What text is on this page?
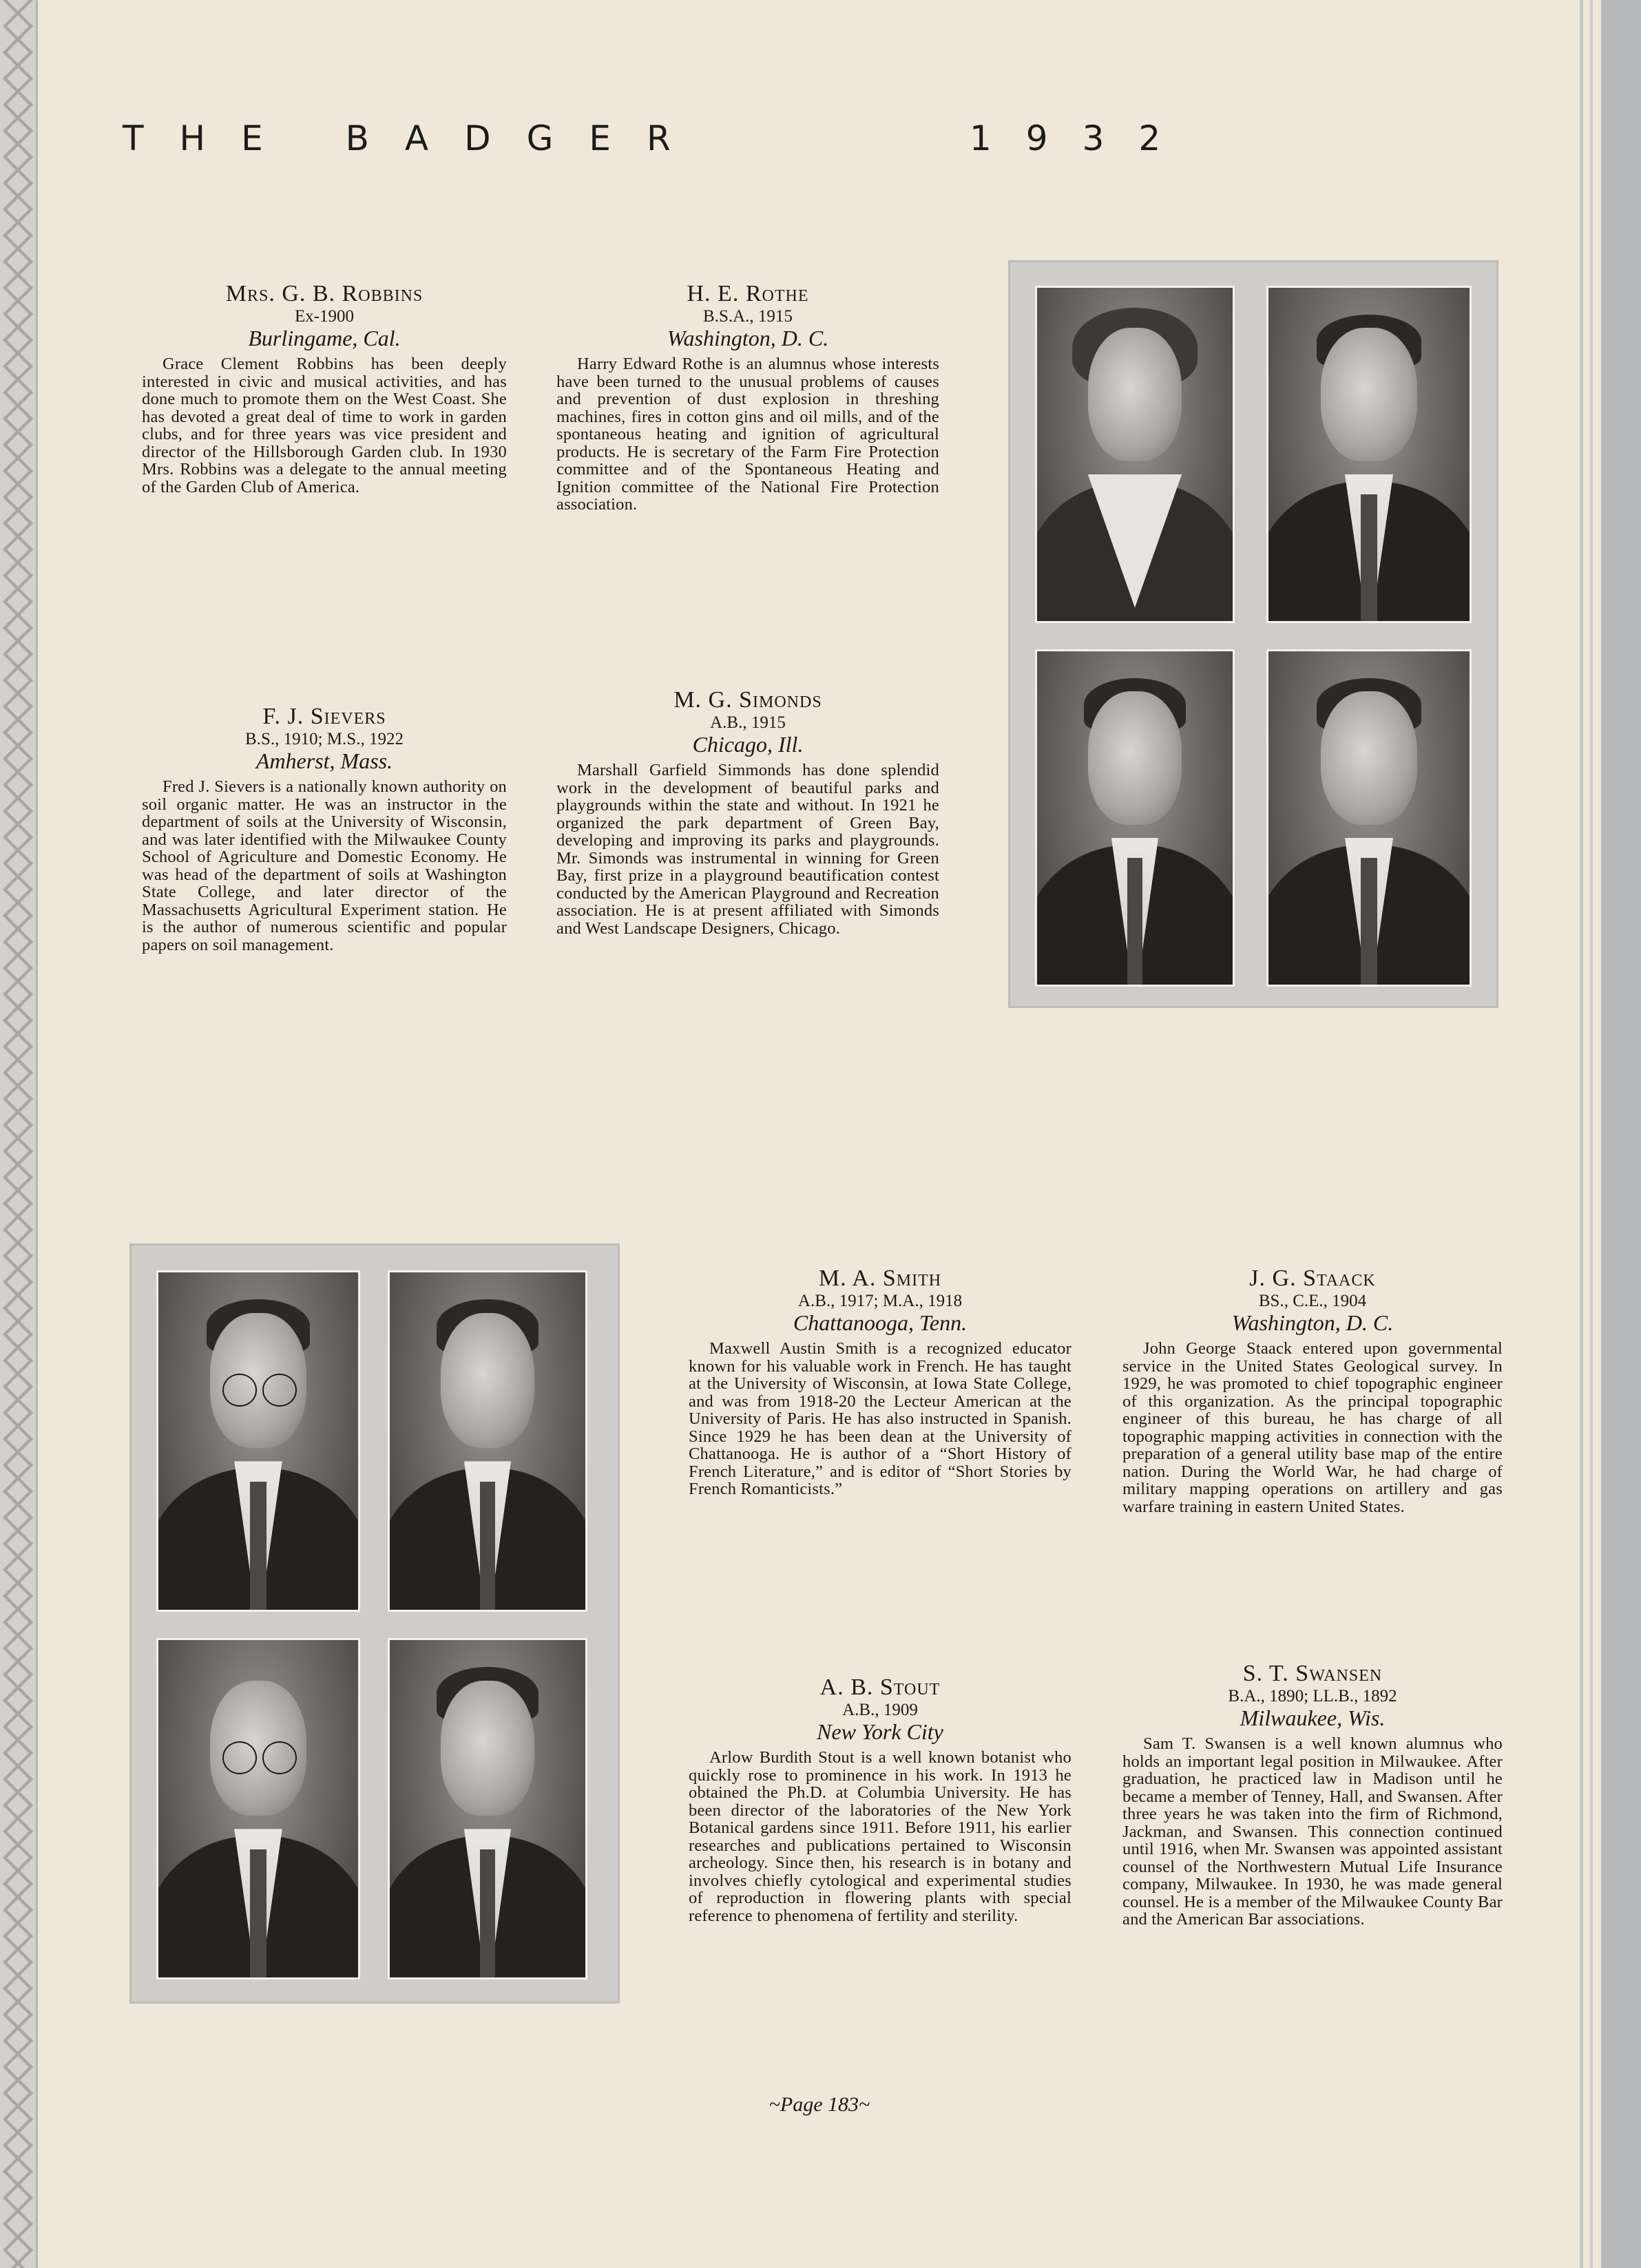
THE BADGER	1932
Mrs. G. B. Robbins
Ex-1900
Burlingame, Cal.
Grace Clement Robbins has been deeply interested in civic and musical activities, and has done much to promote them on the West Coast. She has devoted a great deal of time to work in garden clubs, and for three years was vice president and director of the Hillsborough Garden club. In 1930 Mrs. Robbins was a delegate to the annual meeting of the Garden Club of America.
H. E. Rothe
B.S.A., 1915
Washington, D. C.
Harry Edward Rothe is an alumnus whose interests have been turned to the unusual problems of causes and prevention of dust explosion in threshing machines, fires in cotton gins and oil mills, and of the spontaneous heating and ignition of agricultural products. He is secretary of the Farm Fire Protection committee and of the Spontaneous Heating and Ignition committee of the National Fire Protection association.
F. J. Sievers
B.S., 1910; M.S., 1922
Amherst, Mass.
Fred J. Sievers is a nationally known authority on soil organic matter. He was an instructor in the department of soils at the University of Wisconsin, and was later identified with the Milwaukee County School of Agriculture and Domestic Economy. He was head of the department of soils at Washington State College, and later director of the Massachusetts Agricultural Experiment station. He is the author of numerous scientific and popular papers on soil management.
M. G. Simonds
A.B., 1915
Chicago, Ill.
Marshall Garfield Simmonds has done splendid work in the development of beautiful parks and playgrounds within the state and without. In 1921 he organized the park department of Green Bay, developing and improving its parks and playgrounds. Mr. Simonds was instrumental in winning for Green Bay, first prize in a playground beautification contest conducted by the American Playground and Recreation association. He is at present affiliated with Simonds and West Landscape Designers, Chicago.
M. A. Smith
A.B., 1917; M.A., 1918
Chattanooga, Tenn.
Maxwell Austin Smith is a recognized educator known for his valuable work in French. He has taught at the University of Wisconsin, at Iowa State College, and was from 1918-20 the Lecteur American at the University of Paris. He has also instructed in Spanish. Since 1929 he has been dean at the University of Chattanooga. He is author of a “Short History of French Literature,” and is editor of “Short Stories by French Romanticists.”
J. G. Staack
BS., C.E., 1904
Washington, D. C.
John George Staack entered upon governmental service in the United States Geological survey. In 1929, he was promoted to chief topographic engineer of this organization. As the principal topographic engineer of this bureau, he has charge of all topographic mapping activities in connection with the preparation of a general utility base map of the entire nation. During the World War, he had charge of military mapping operations on artillery and gas warfare training in eastern United States.
A. B. Stout
A.B., 1909
New York City
Arlow Burdith Stout is a well known botanist who quickly rose to prominence in his work. In 1913 he obtained the Ph.D. at Columbia University. He has been director of the laboratories of the New York Botanical gardens since 1911. Before 1911, his earlier researches and publications pertained to Wisconsin archeology. Since then, his research is in botany and involves chiefly cytological and experimental studies of reproduction in flowering plants with special reference to phenomena of fertility and sterility.
S. T. Swansen
B.A., 1890; LL.B., 1892
Milwaukee, Wis.
Sam T. Swansen is a well known alumnus who holds an important legal position in Milwaukee. After graduation, he practiced law in Madison until he became a member of Tenney, Hall, and Swansen. After three years he was taken into the firm of Richmond, Jackman, and Swansen. This connection continued until 1916, when Mr. Swansen was appointed assistant counsel of the Northwestern Mutual Life Insurance company, Milwaukee. In 1930, he was made general counsel. He is a member of the Milwaukee County Bar and the American Bar associations.
~Page 183~
